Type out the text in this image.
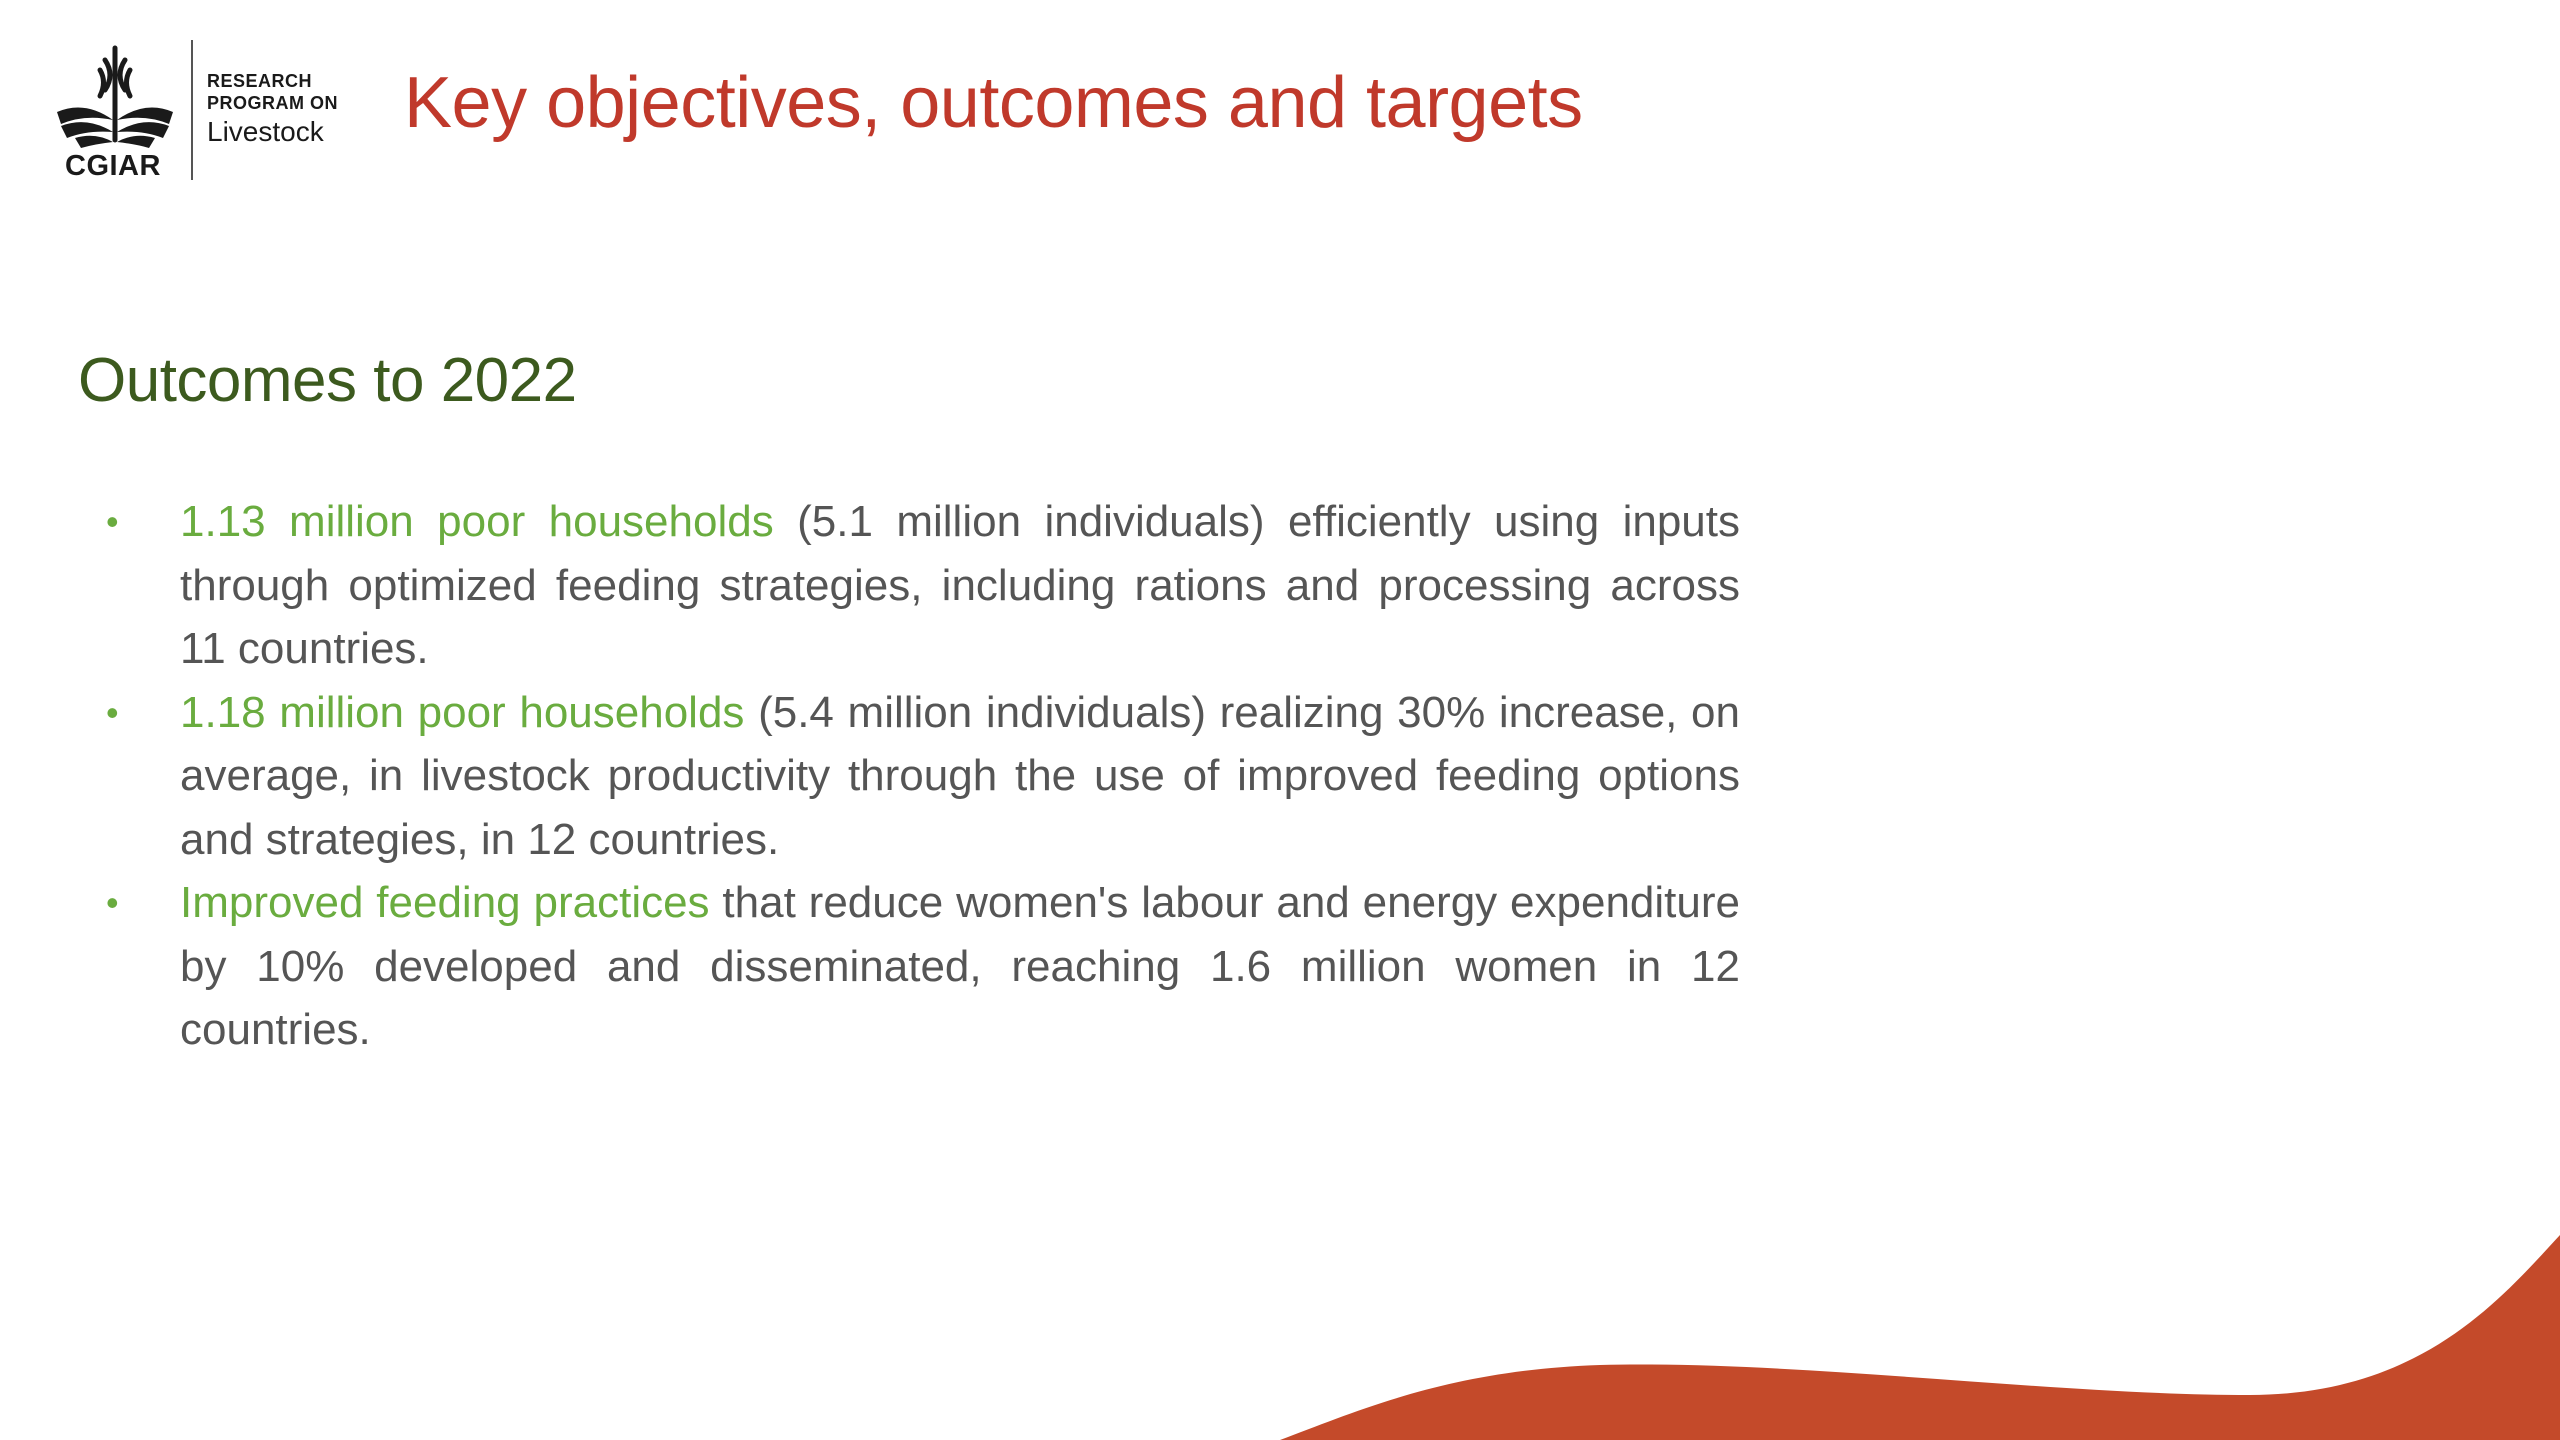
CGIAR
RESEARCH
PROGRAM ON
Livestock Key objectives, outcomes and targets
Outcomes to 2022
• 1.13 million poor households (5.1 million individuals) efficiently using inputs through optimized feeding strategies, including rations and processing across 11 countries.
• 1.18 million poor households (5.4 million individuals) realizing 30% increase, on average, in livestock productivity through the use of improved feeding options and strategies, in 12 countries.
• Improved feeding practices that reduce women's labour and energy expenditure by 10% developed and disseminated, reaching 1.6 million women in 12 countries.
